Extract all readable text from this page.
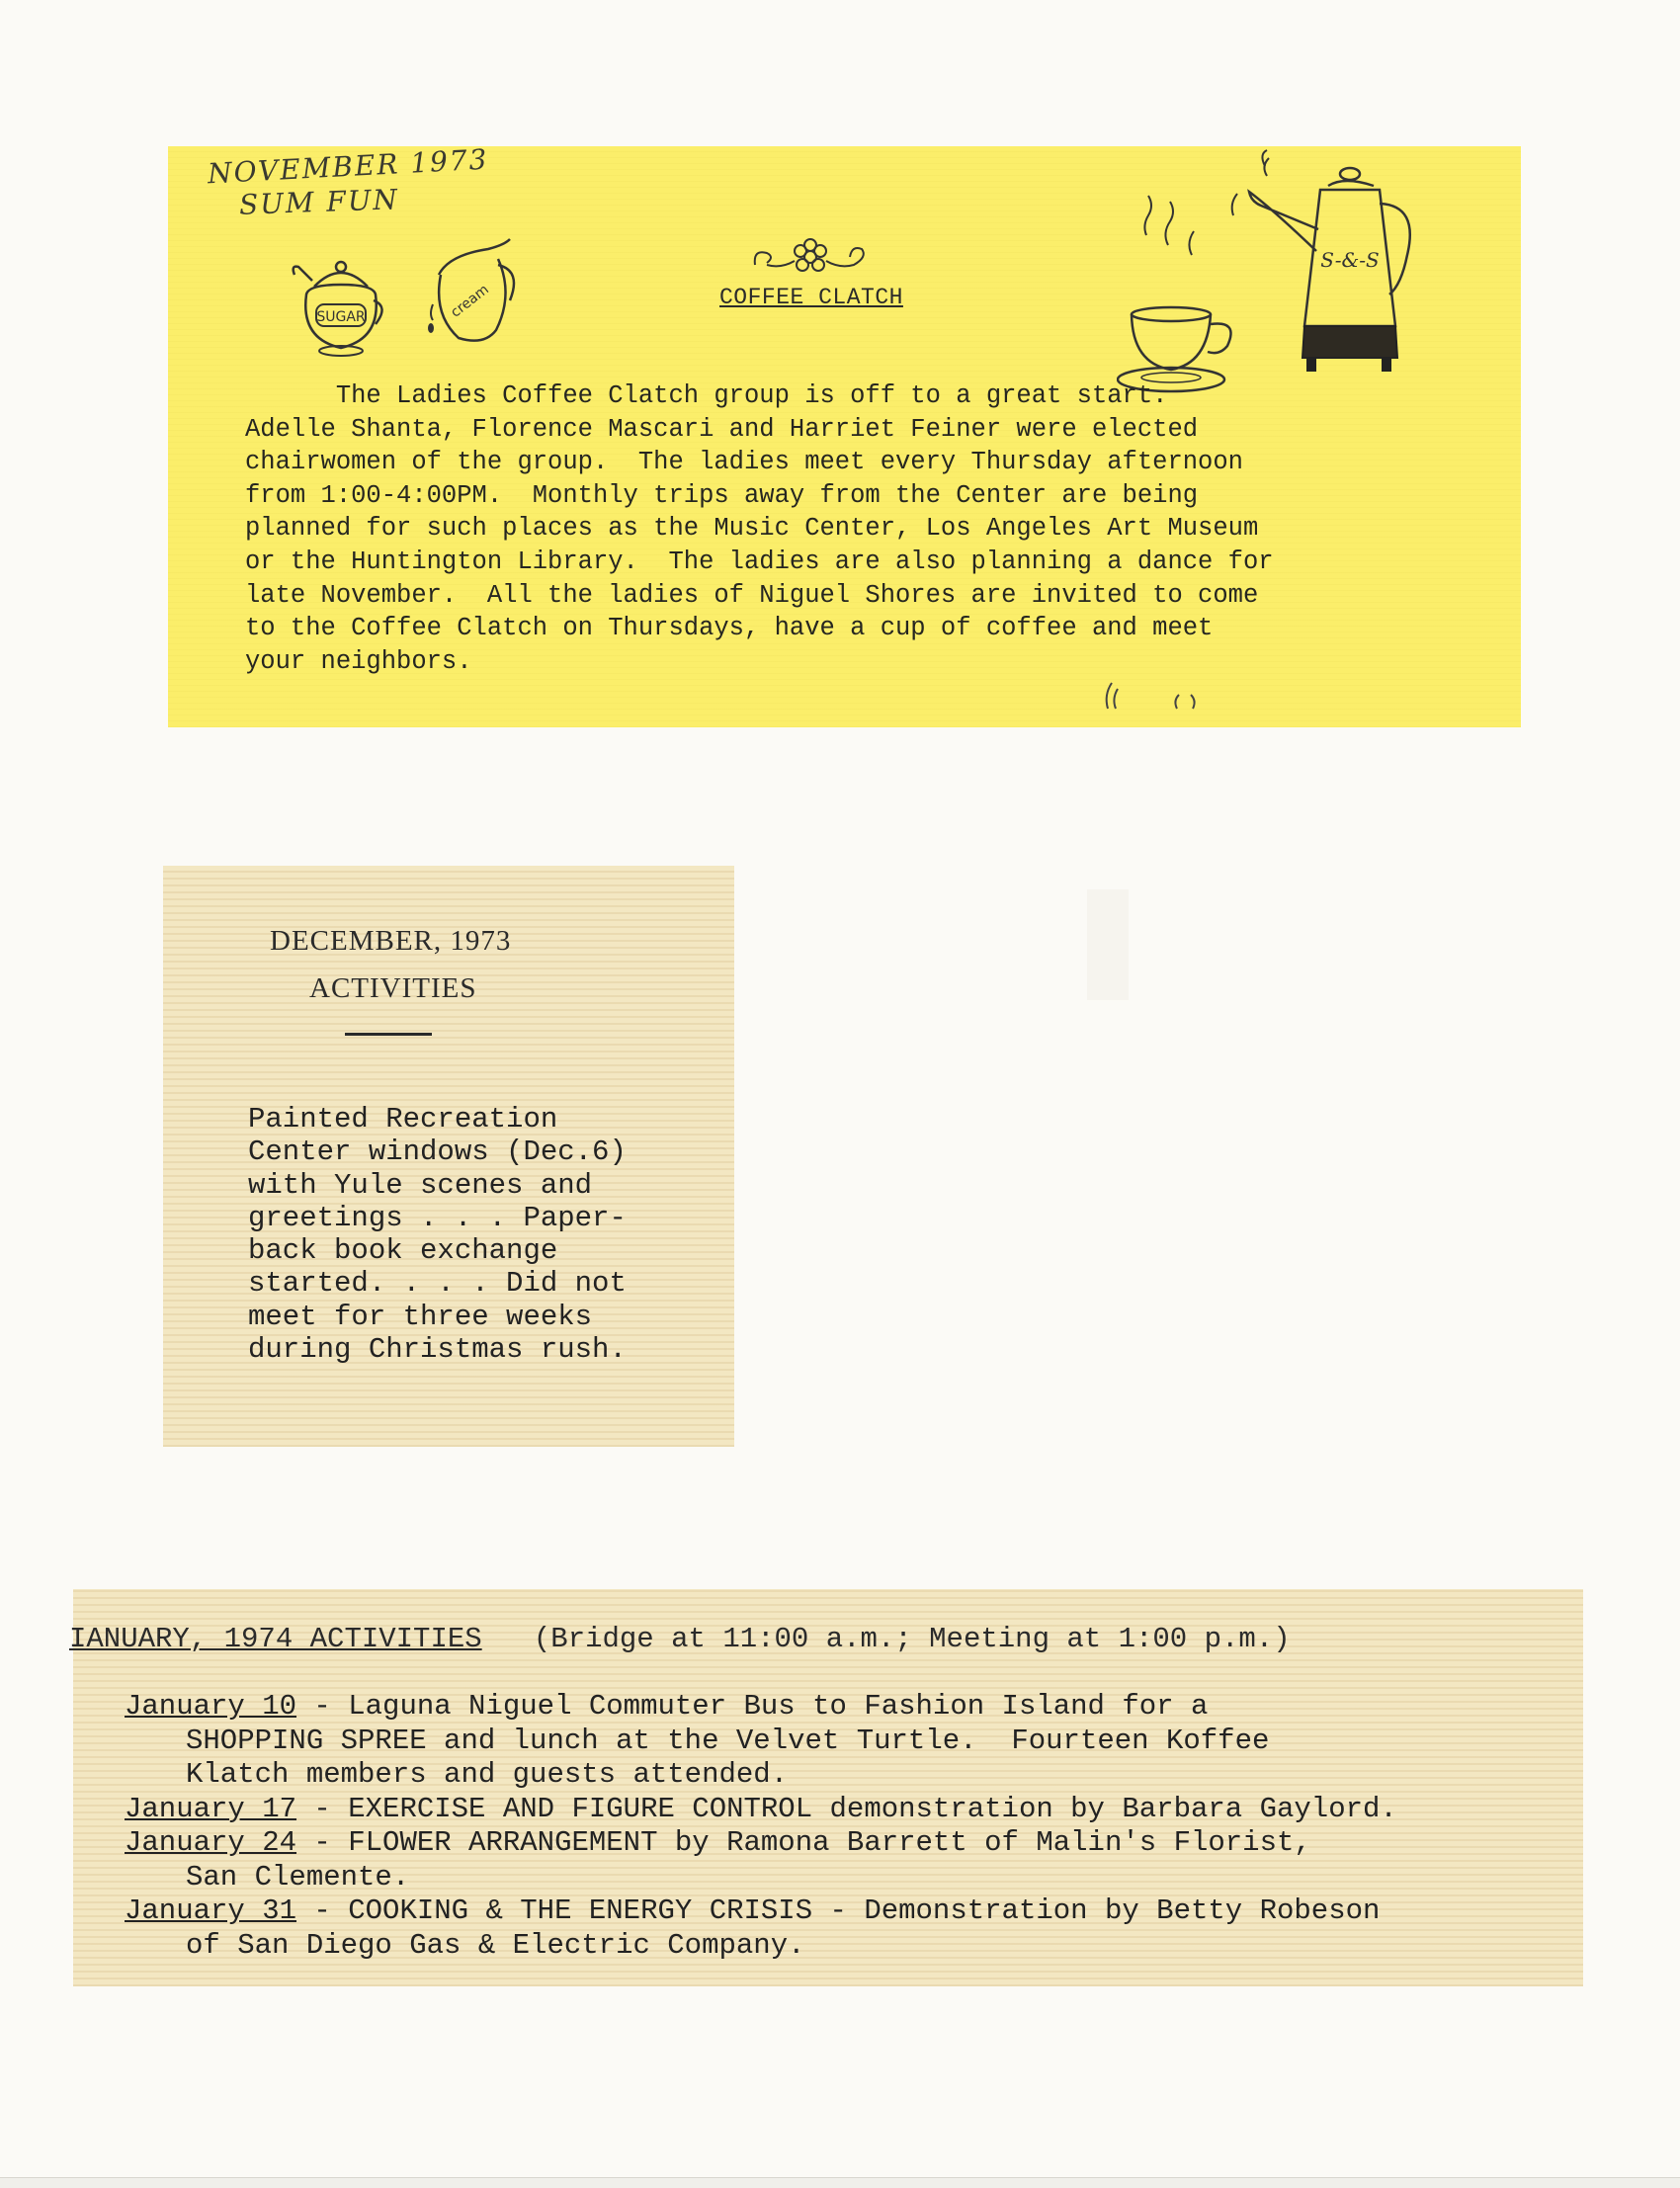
NOVEMBER 1973
SUM FUN
SUGAR	cream	COFFEE CLATCH
S-&-S
The Ladies Coffee Clatch group is off to a great start.
Adelle Shanta, Florence Mascari and Harriet Feiner were elected
chairwomen of the group.  The ladies meet every Thursday afternoon
from 1:00-4:00PM.  Monthly trips away from the Center are being
planned for such places as the Music Center, Los Angeles Art Museum
or the Huntington Library.  The ladies are also planning a dance for
late November.  All the ladies of Niguel Shores are invited to come
to the Coffee Clatch on Thursdays, have a cup of coffee and meet
your neighbors.
DECEMBER, 1973
ACTIVITIES
Painted Recreation
Center windows (Dec.6)
with Yule scenes and
greetings . . . Paper-
back book exchange
started. . . . Did not
meet for three weeks
during Christmas rush.
IANUARY, 1974 ACTIVITIES (Bridge at 11:00 a.m.; Meeting at 1:00 p.m.)
January 10 - Laguna Niguel Commuter Bus to Fashion Island for a
SHOPPING SPREE and lunch at the Velvet Turtle.  Fourteen Koffee
Klatch members and guests attended.
January 17 - EXERCISE AND FIGURE CONTROL demonstration by Barbara Gaylord.
January 24 - FLOWER ARRANGEMENT by Ramona Barrett of Malin's Florist,
San Clemente.
January 31 - COOKING & THE ENERGY CRISIS - Demonstration by Betty Robeson
of San Diego Gas & Electric Company.
